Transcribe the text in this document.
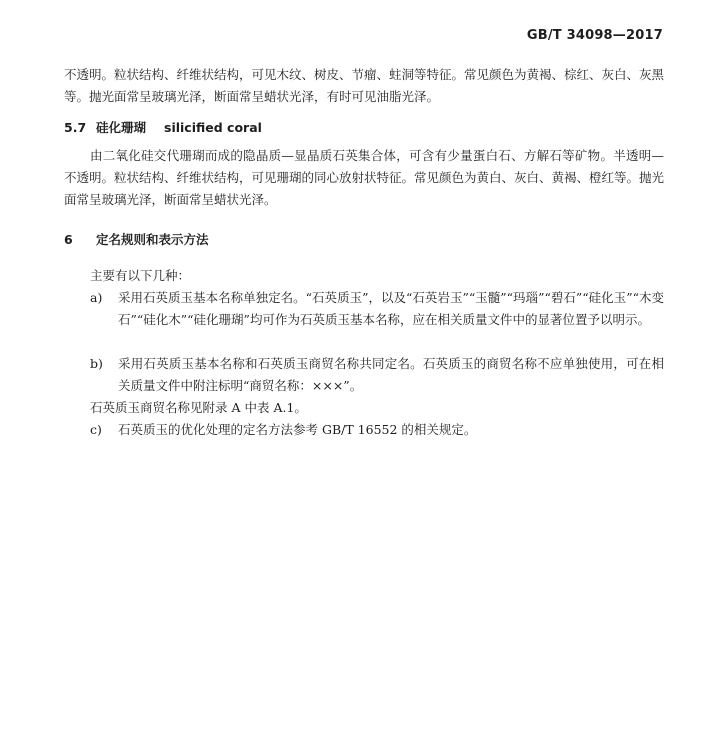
GB/T 34098—2017

不透明。粒状结构、纤维状结构，可见木纹、树皮、节瘤、蛀洞等特征。常见颜色为黄褐、棕红、灰白、灰黑等。抛光面常呈玻璃光泽，断面常呈蜡状光泽，有时可见油脂光泽。

5.7 硅化珊瑚 silicified coral

由二氧化硅交代珊瑚而成的隐晶质—显晶质石英集合体，可含有少量蛋白石、方解石等矿物。半透明—不透明。粒状结构、纤维状结构，可见珊瑚的同心放射状特征。常见颜色为黄白、灰白、黄褐、橙红等。抛光面常呈玻璃光泽，断面常呈蜡状光泽。

6 定名规则和表示方法
主要有以下几种：
a) 采用石英质玉基本名称单独定名。“石英质玉”，以及“石英岩玉”“玉髓”“玛瑙”“碧石”“硅化玉”“木变石”“硅化木”“硅化珊瑚”均可作为石英质玉基本名称，应在相关质量文件中的显著位置予以明示。
b) 采用石英质玉基本名称和石英质玉商贸名称共同定名。石英质玉的商贸名称不应单独使用，可在相关质量文件中附注标明“商贸名称：×××”。
石英质玉商贸名称见附录 A 中表 A.1。
c) 石英质玉的优化处理的定名方法参考 GB/T 16552 的相关规定。
